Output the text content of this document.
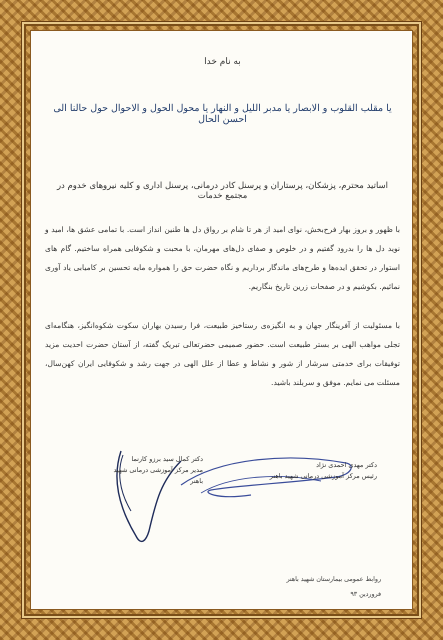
به نام خدا
یا مقلب القلوب و الابصار یا مدبر اللیل و النهار یا محول الحول و الاحوال حول حالنا الی احسن الحال
اساتید محترم، پزشکان، پرستاران و پرسنل کادر درمانی، پرسنل اداری و کلیه نیروهای خدوم در مجتمع خدمات
با ظهور و بروز بهار فرح‌بخش، نوای امید از هر تا شام بر رواق دل ها طنین انداز است. با تمامی عشق ها، امید و نوید دل ها را بدرود گفتیم و در خلوص و صفای دل‌های مهرمان، با محبت و شکوفایی همراه ساختیم. گام های استوار در تحقق ایده‌ها و طرح‌های ماندگار برداریم و نگاه حضرت حق را همواره مایه تحسین بر کامیابی یاد آوری نمائیم. بکوشیم و در صفحات زرین تاریخ بنگاریم.
با مسئولیت از آفرینگار جهان و به انگیزه‌ی رستاخیز طبیعت، فرا رسیدن بهاران سکوت شکوه‌انگیز، هنگامه‌ای تجلی مواهب الهی بر بستر طبیعت است. حضور صمیمی حضرتعالی تبریک گفته، از آستان حضرت احدیت مزید توفیقات برای خدمتی سرشار از شور و نشاط و عطا از علل الهی در جهت رشد و شکوفایی ایران کهن‌سال، مسئلت می نمایم. موفق و سربلند باشید.
دکتر مهدی احمدی نژاد
رئیس مرکز آموزشی درمانی شهید باهنر
دکتر کمال سید برزو کارنما
مدیر مرکز آموزشی درمانی شهید باهنر
روابط عمومی بیمارستان شهید باهنر
فروردین ۹۳
